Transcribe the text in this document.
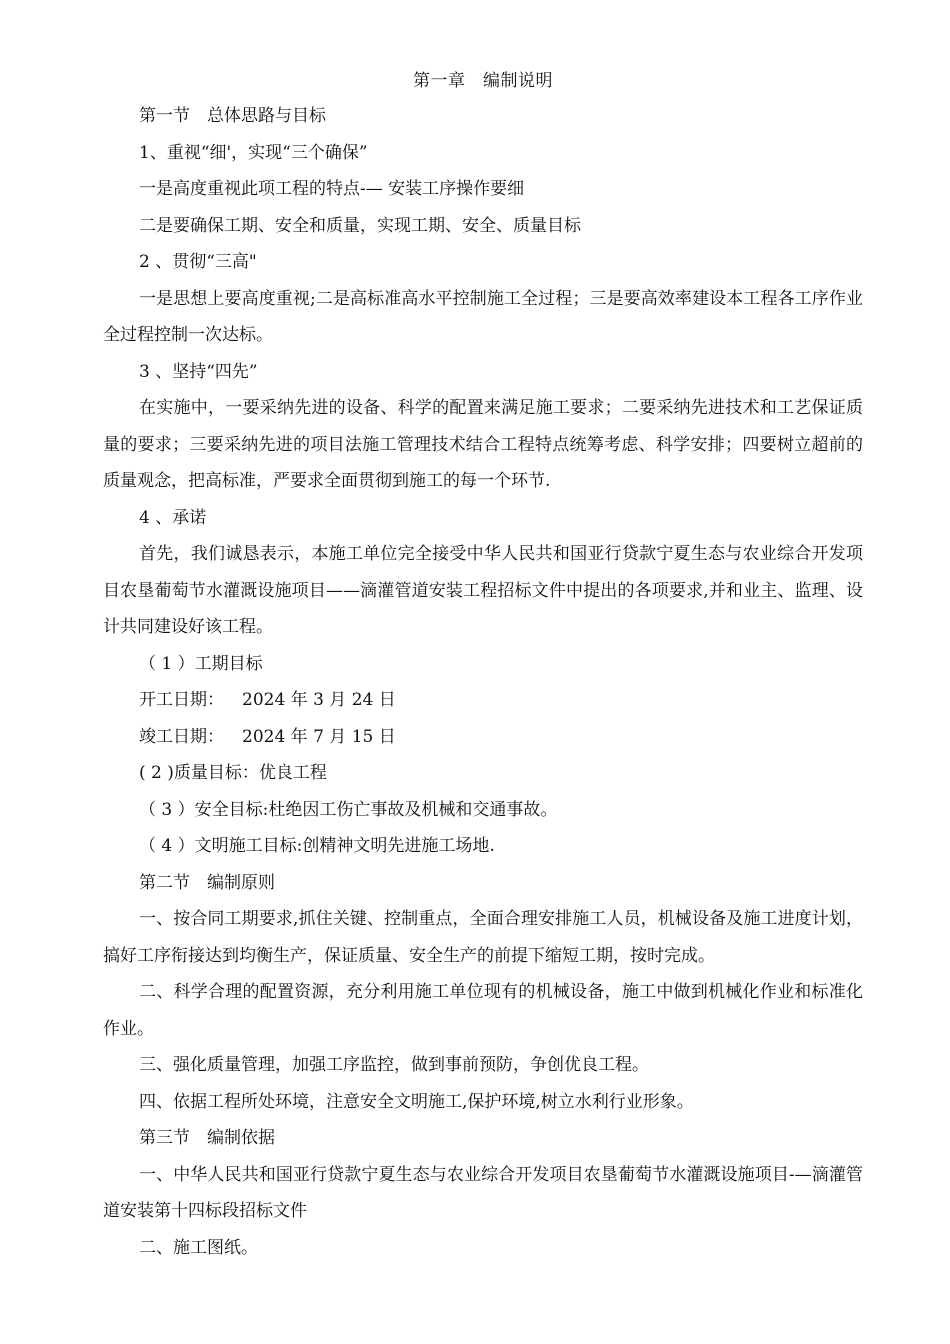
第一章　编制说明

第一节　总体思路与目标

1、重视“细'，实现“三个确保”

一是高度重视此项工程的特点-— 安装工序操作要细

二是要确保工期、安全和质量，实现工期、安全、质量目标

2 、贯彻“三高"

一是思想上要高度重视;二是高标准高水平控制施工全过程；三是要高效率建设本工程各工序作业全过程控制一次达标。

3 、坚持“四先”

在实施中，一要采纳先进的设备、科学的配置来满足施工要求；二要采纳先进技术和工艺保证质量的要求；三要采纳先进的项目法施工管理技术结合工程特点统筹考虑、科学安排；四要树立超前的质量观念，把高标准，严要求全面贯彻到施工的每一个环节.

4 、承诺

首先，我们诚恳表示，本施工单位完全接受中华人民共和国亚行贷款宁夏生态与农业综合开发项目农垦葡萄节水灌溉设施项目——滴灌管道安装工程招标文件中提出的各项要求,并和业主、监理、设计共同建设好该工程。

（ 1 ）工期目标

开工日期： 2024 年 3 月 24 日

竣工日期： 2024 年 7 月 15 日

( 2 )质量目标：优良工程

（ 3 ）安全目标:杜绝因工伤亡事故及机械和交通事故。

（ 4 ）文明施工目标:创精神文明先进施工场地.

第二节　编制原则

一、按合同工期要求,抓住关键、控制重点，全面合理安排施工人员，机械设备及施工进度计划，搞好工序衔接达到均衡生产，保证质量、安全生产的前提下缩短工期，按时完成。

二、科学合理的配置资源，充分利用施工单位现有的机械设备，施工中做到机械化作业和标准化作业。

三、强化质量管理，加强工序监控，做到事前预防，争创优良工程。

四、依据工程所处环境，注意安全文明施工,保护环境,树立水利行业形象。

第三节　编制依据

一、中华人民共和国亚行贷款宁夏生态与农业综合开发项目农垦葡萄节水灌溉设施项目-—滴灌管道安装第十四标段招标文件

二、施工图纸。
